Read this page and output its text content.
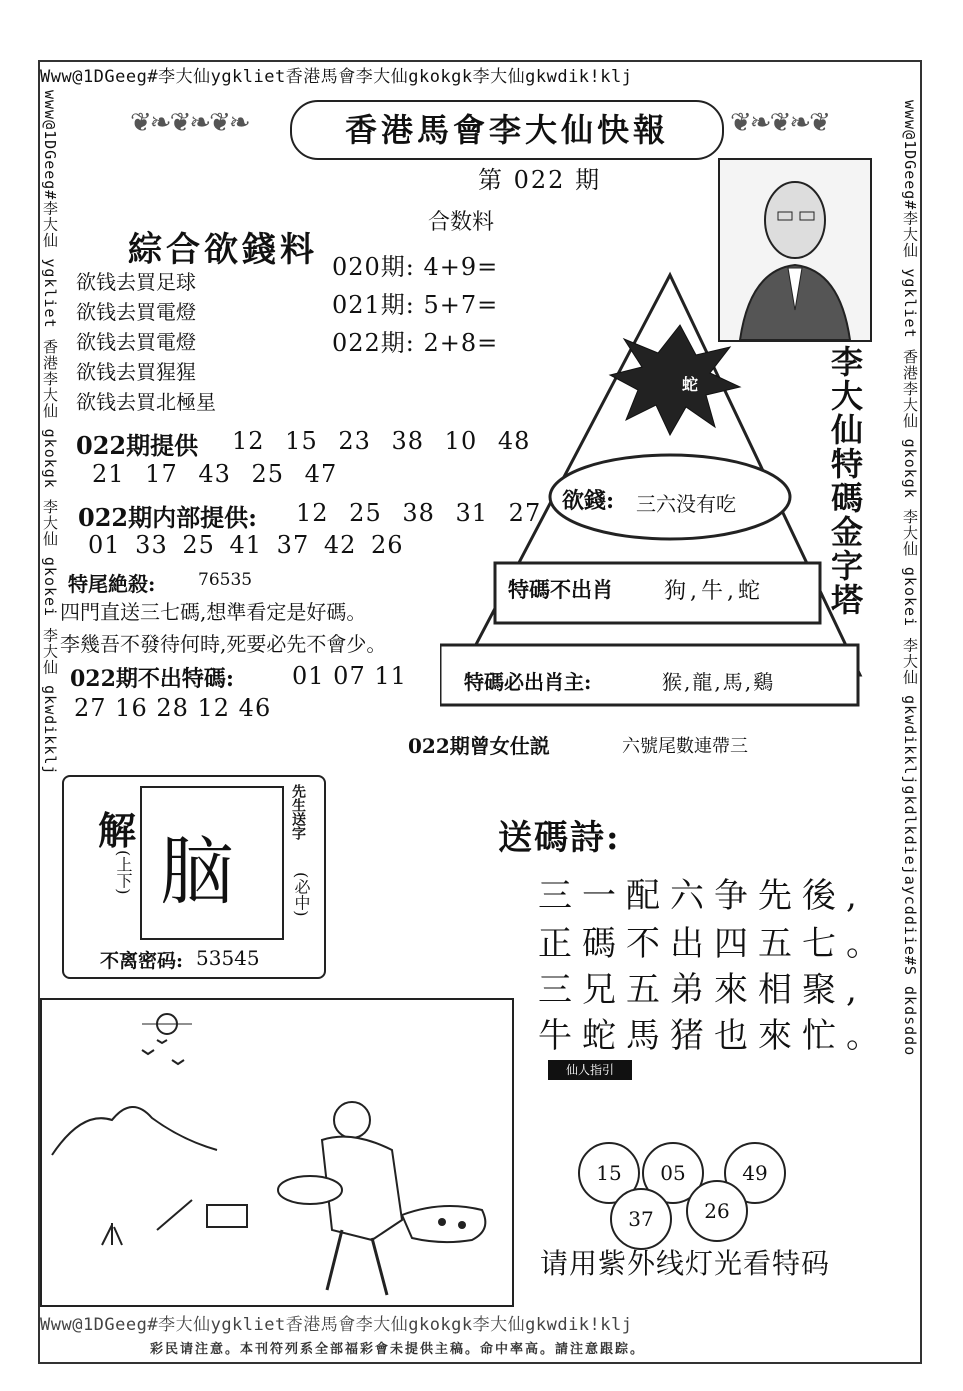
Www@1DGeeg#李大仙ygkliet香港馬會李大仙gkokgk李大仙gkwdik!klj
Www@1DGeeg#李大仙ygkliet香港馬會李大仙gkokgk李大仙gkwdik!klj
彩民请注意。本刊符列系全部福彩會未提供主稿。命中率高。請注意跟踪。
www@1DGeeg#李大仙 ygkliet 香港李大仙 gkokgk 李大仙 gkokei 李大仙 gkwdikklj	www@1DGeeg#李大仙 ygkliet 香港李大仙 gkokgk 李大仙 gkokei 李大仙 gkwdikkljgkdlkdiejaycddiie#S dkdsddo
❦❧❦❧❦❧	香港馬會李大仙快報	❦❧❦❧❦
第 022 期
合数料
020期: 4+9=
021期: 5+7=
022期: 2+8=
綜合欲錢料
欲钱去買足球
欲钱去買電燈
欲钱去買電燈
欲钱去買猩猩
欲钱去買北極星
022期提供 12 15 23 38 10 48
21 17 43 25 47
022期内部提供: 12 25 38 31 27
01 33 25 41 37 42 26
特尾絶殺:	76535
四門直送三七碼,想準看定是好碼。
李幾吾不發待何時,死要必先不會少。
022期不出特碼: 01 07 11
27 16 28 12 46
蛇	李大仙特碼金字塔
欲錢: 三六没有吃
特碼不出肖 狗,牛,蛇
特碼必出肖主:	猴,龍,馬,鷄
022期曾女仕説	六號尾數連帶三
解
(上下) 脑
先生送字
(必中)
不离密码: 53545
送碼詩:
三一配六争先後,
正碼不出四五七。
三兄五弟來相聚,
牛蛇馬猪也來忙。
仙人指引
15	05	49
37	26
请用紫外线灯光看特码
